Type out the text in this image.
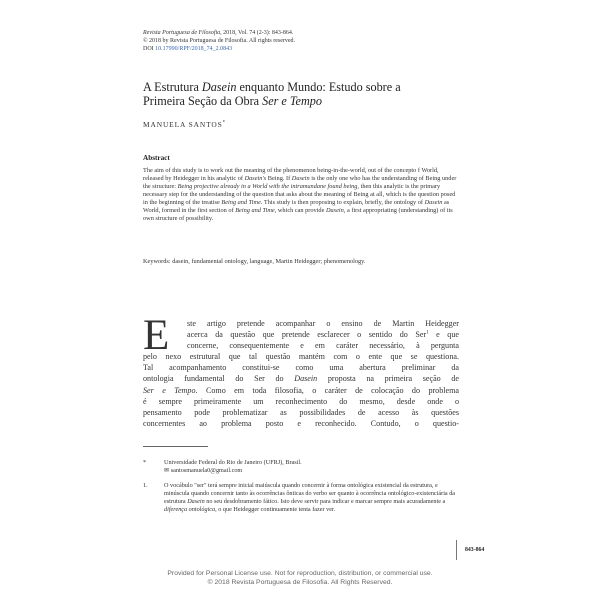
Revista Portuguesa de Filosofia, 2018, Vol. 74 (2-3): 843-864.
© 2018 by Revista Portuguesa de Filosofia. All rights reserved.
DOI 10.17990/RPF/2018_74_2.0843
A Estrutura Dasein enquanto Mundo: Estudo sobre a
Primeira Seção da Obra Ser e Tempo
MANUELA SANTOS*
Abstract
The aim of this study is to work out the meaning of the phenomenon being-in-the-world, out of the concepto f World, released by Heidegger in his analytic of Dasein's Being. If Dasein is the only one who has the understanding of Being under the structure: Being projective already in a World with the intramundane found being, then this analytic is the primary necessary step for the understanding of the question that asks about the meaning of Being at all, which is the question posed in the beginning of the treatise Being and Time. This study is then proposing to explain, briefly, the ontology of Dasein as World, formed in the first section of Being and Time, which can provide Dasein, a first appropriating (understanding) of its own structure of possibility.
Keywords: dasein, fundamental ontology, language, Martin Heidegger; phenomenology.
E	ste artigo pretende acompanhar o ensino de Martin Heidegger
acerca da questão que pretende esclarecer o sentido do Ser$^1$ e que
concerne, consequentemente e em caráter necessário, à pergunta
pelo nexo estrutural que tal questão mantém com o ente que se questiona.
Tal acompanhamento constitui-se como uma abertura preliminar da
ontologia fundamental do Ser do Dasein proposta na primeira seção de
Ser e Tempo. Como em toda filosofia, o caráter de colocação do problema
é sempre primeiramente um reconhecimento do mesmo, desde onde o
pensamento pode problematizar as possibilidades de acesso às questões
concernentes ao problema posto e reconhecido. Contudo, o questio-
*	Universidade Federal do Rio de Janeiro (UFRJ), Brasil.
✉ santosmanuela0@gmail.com
1.	O vocábulo "ser" terá sempre inicial maiúscula quando concernir à forma ontológica existencial da estrutura, e minúscula quando concernir tanto às ocorrências ônticas do verbo ser quanto à ocorrência ontológico-existenciária da estrutura Dasein no seu desdobramento fático. Isto deve servir para indicar e marcar sempre mais acuradamente a diferença ontológica, o que Heidegger continuamente tenta fazer ver.
843-864
Provided for Personal License use. Not for reproduction, distribution, or commercial use.
© 2018 Revista Portuguesa de Filosofia. All Rights Reserved.
